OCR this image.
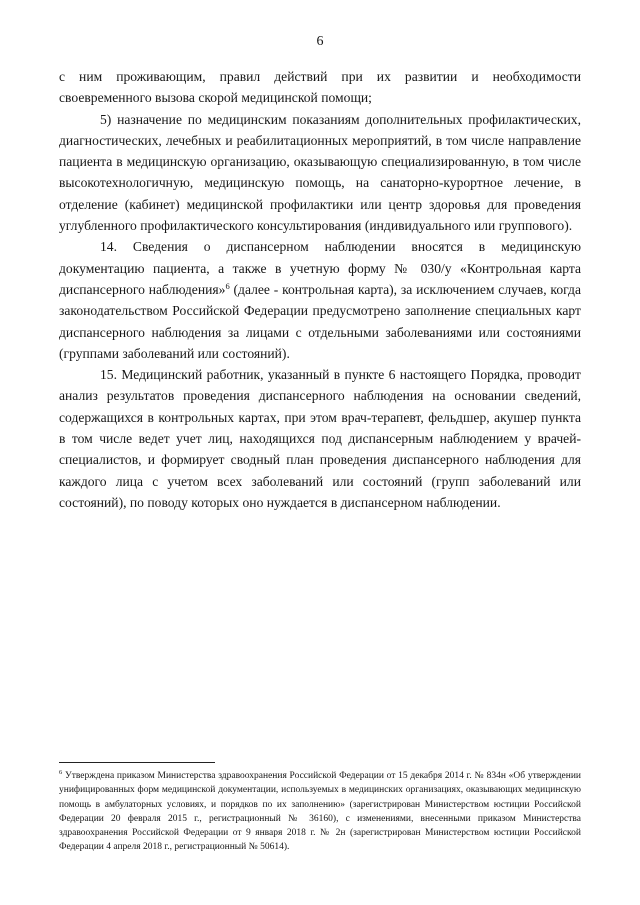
6

с ним проживающим, правил действий при их развитии и необходимости своевременного вызова скорой медицинской помощи;

5) назначение по медицинским показаниям дополнительных профилактических, диагностических, лечебных и реабилитационных мероприятий, в том числе направление пациента в медицинскую организацию, оказывающую специализированную, в том числе высокотехнологичную, медицинскую помощь, на санаторно-курортное лечение, в отделение (кабинет) медицинской профилактики или центр здоровья для проведения углубленного профилактического консультирования (индивидуального или группового).

14. Сведения о диспансерном наблюдении вносятся в медицинскую документацию пациента, а также в учетную форму № 030/у «Контрольная карта диспансерного наблюдения»$^6$ (далее - контрольная карта), за исключением случаев, когда законодательством Российской Федерации предусмотрено заполнение специальных карт диспансерного наблюдения за лицами с отдельными заболеваниями или состояниями (группами заболеваний или состояний).

15. Медицинский работник, указанный в пункте 6 настоящего Порядка, проводит анализ результатов проведения диспансерного наблюдения на основании сведений, содержащихся в контрольных картах, при этом врач-терапевт, фельдшер, акушер пункта в том числе ведет учет лиц, находящихся под диспансерным наблюдением у врачей-специалистов, и формирует сводный план проведения диспансерного наблюдения для каждого лица с учетом всех заболеваний или состояний (групп заболеваний или состояний), по поводу которых оно нуждается в диспансерном наблюдении.

$^6$ Утверждена приказом Министерства здравоохранения Российской Федерации от 15 декабря 2014 г. № 834н «Об утверждении унифицированных форм медицинской документации, используемых в медицинских организациях, оказывающих медицинскую помощь в амбулаторных условиях, и порядков по их заполнению» (зарегистрирован Министерством юстиции Российской Федерации 20 февраля 2015 г., регистрационный № 36160), с изменениями, внесенными приказом Министерства здравоохранения Российской Федерации от 9 января 2018 г. № 2н (зарегистрирован Министерством юстиции Российской Федерации 4 апреля 2018 г., регистрационный № 50614).
